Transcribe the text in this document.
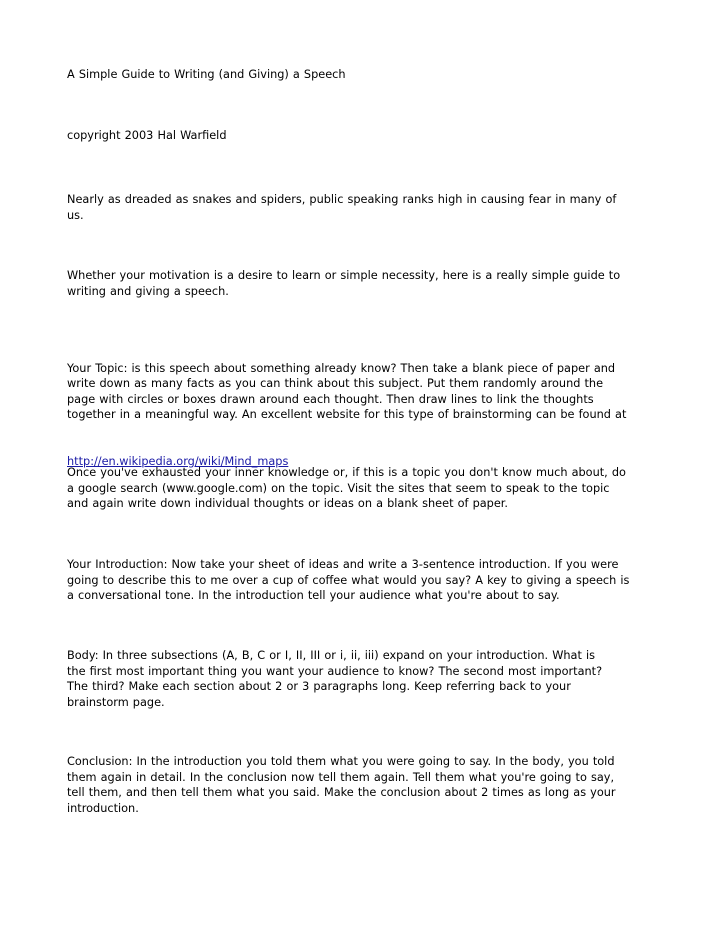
A Simple Guide to Writing (and Giving) a Speech

copyright 2003 Hal Warfield

Nearly as dreaded as snakes and spiders, public speaking ranks high in causing fear in many of
us.

Whether your motivation is a desire to learn or simple necessity, here is a really simple guide to
writing and giving a speech.

Your Topic: is this speech about something already know? Then take a blank piece of paper and
write down as many facts as you can think about this subject. Put them randomly around the
page with circles or boxes drawn around each thought. Then draw lines to link the thoughts
together in a meaningful way. An excellent website for this type of brainstorming can be found at

http://en.wikipedia.org/wiki/Mind_maps

Once you've exhausted your inner knowledge or, if this is a topic you don't know much about, do
a google search (www.google.com) on the topic. Visit the sites that seem to speak to the topic
and again write down individual thoughts or ideas on a blank sheet of paper.

Your Introduction: Now take your sheet of ideas and write a 3-sentence introduction. If you were
going to describe this to me over a cup of coffee what would you say? A key to giving a speech is
a conversational tone. In the introduction tell your audience what you're about to say.

Body: In three subsections (A, B, C or I, II, III or i, ii, iii) expand on your introduction. What is
the first most important thing you want your audience to know? The second most important?
The third? Make each section about 2 or 3 paragraphs long. Keep referring back to your
brainstorm page.

Conclusion: In the introduction you told them what you were going to say. In the body, you told
them again in detail. In the conclusion now tell them again. Tell them what you're going to say,
tell them, and then tell them what you said. Make the conclusion about 2 times as long as your
introduction.
